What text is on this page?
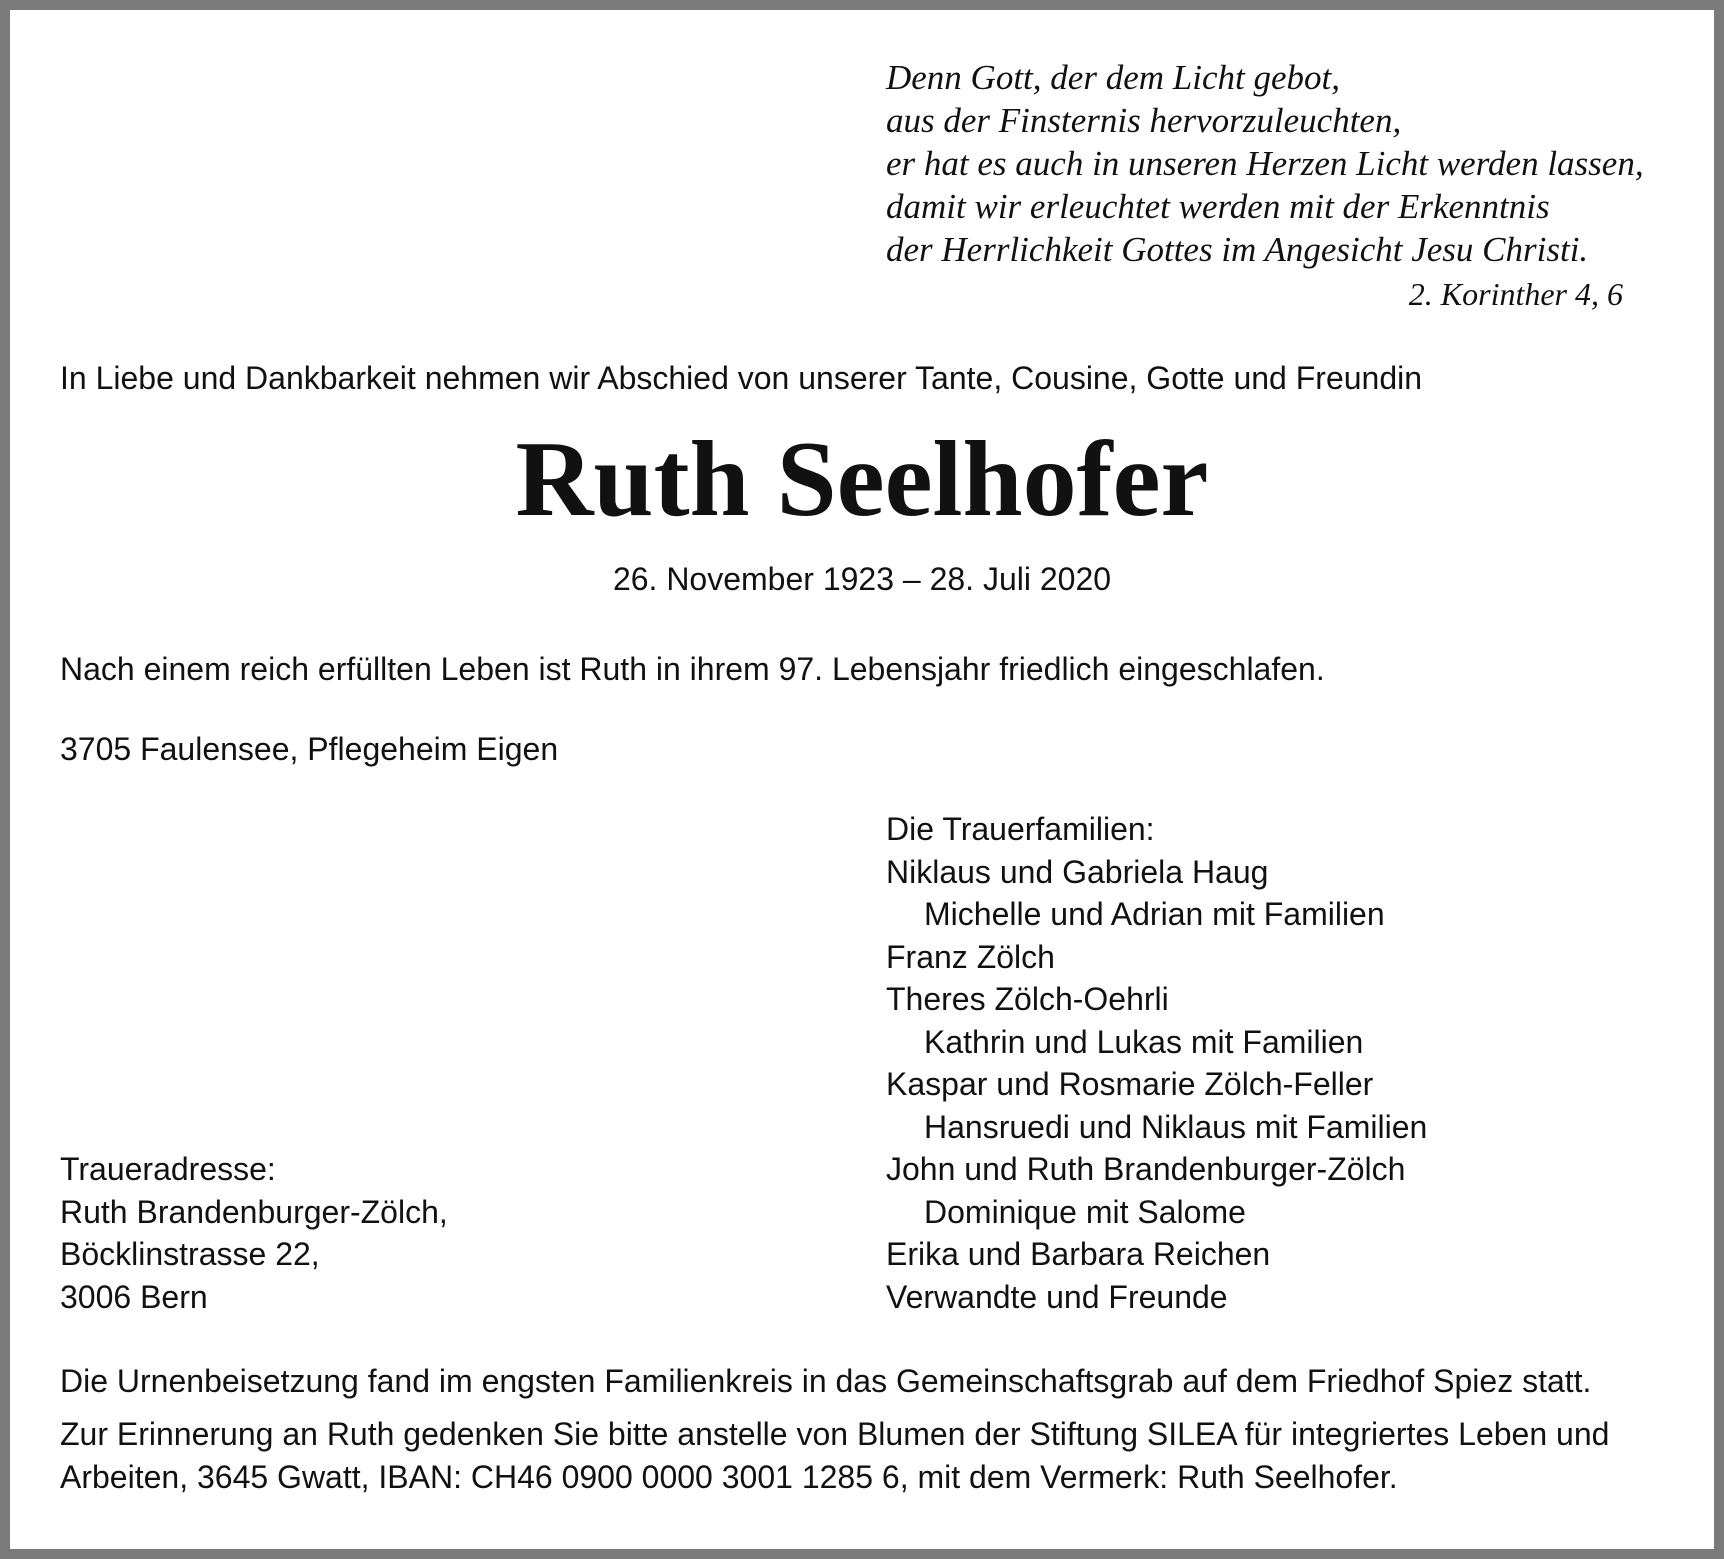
Denn Gott, der dem Licht gebot,
aus der Finsternis hervorzuleuchten,
er hat es auch in unseren Herzen Licht werden lassen,
damit wir erleuchtet werden mit der Erkenntnis
der Herrlichkeit Gottes im Angesicht Jesu Christi.
2. Korinther 4, 6

In Liebe und Dankbarkeit nehmen wir Abschied von unserer Tante, Cousine, Gotte und Freundin

Ruth Seelhofer

26. November 1923 – 28. Juli 2020

Nach einem reich erfüllten Leben ist Ruth in ihrem 97. Lebensjahr friedlich eingeschlafen.

3705 Faulensee, Pflegeheim Eigen

Die Trauerfamilien:
Niklaus und Gabriela Haug
Michelle und Adrian mit Familien
Franz Zölch
Theres Zölch-Oehrli
Kathrin und Lukas mit Familien
Kaspar und Rosmarie Zölch-Feller
Hansruedi und Niklaus mit Familien
John und Ruth Brandenburger-Zölch
Dominique mit Salome
Erika und Barbara Reichen
Verwandte und Freunde
Traueradresse:
Ruth Brandenburger-Zölch,
Böcklinstrasse 22,
3006 Bern

Die Urnenbeisetzung fand im engsten Familienkreis in das Gemeinschaftsgrab auf dem Friedhof Spiez statt.

Zur Erinnerung an Ruth gedenken Sie bitte anstelle von Blumen der Stiftung SILEA für integriertes Leben und
Arbeiten, 3645 Gwatt, IBAN: CH46 0900 0000 3001 1285 6, mit dem Vermerk: Ruth Seelhofer.
